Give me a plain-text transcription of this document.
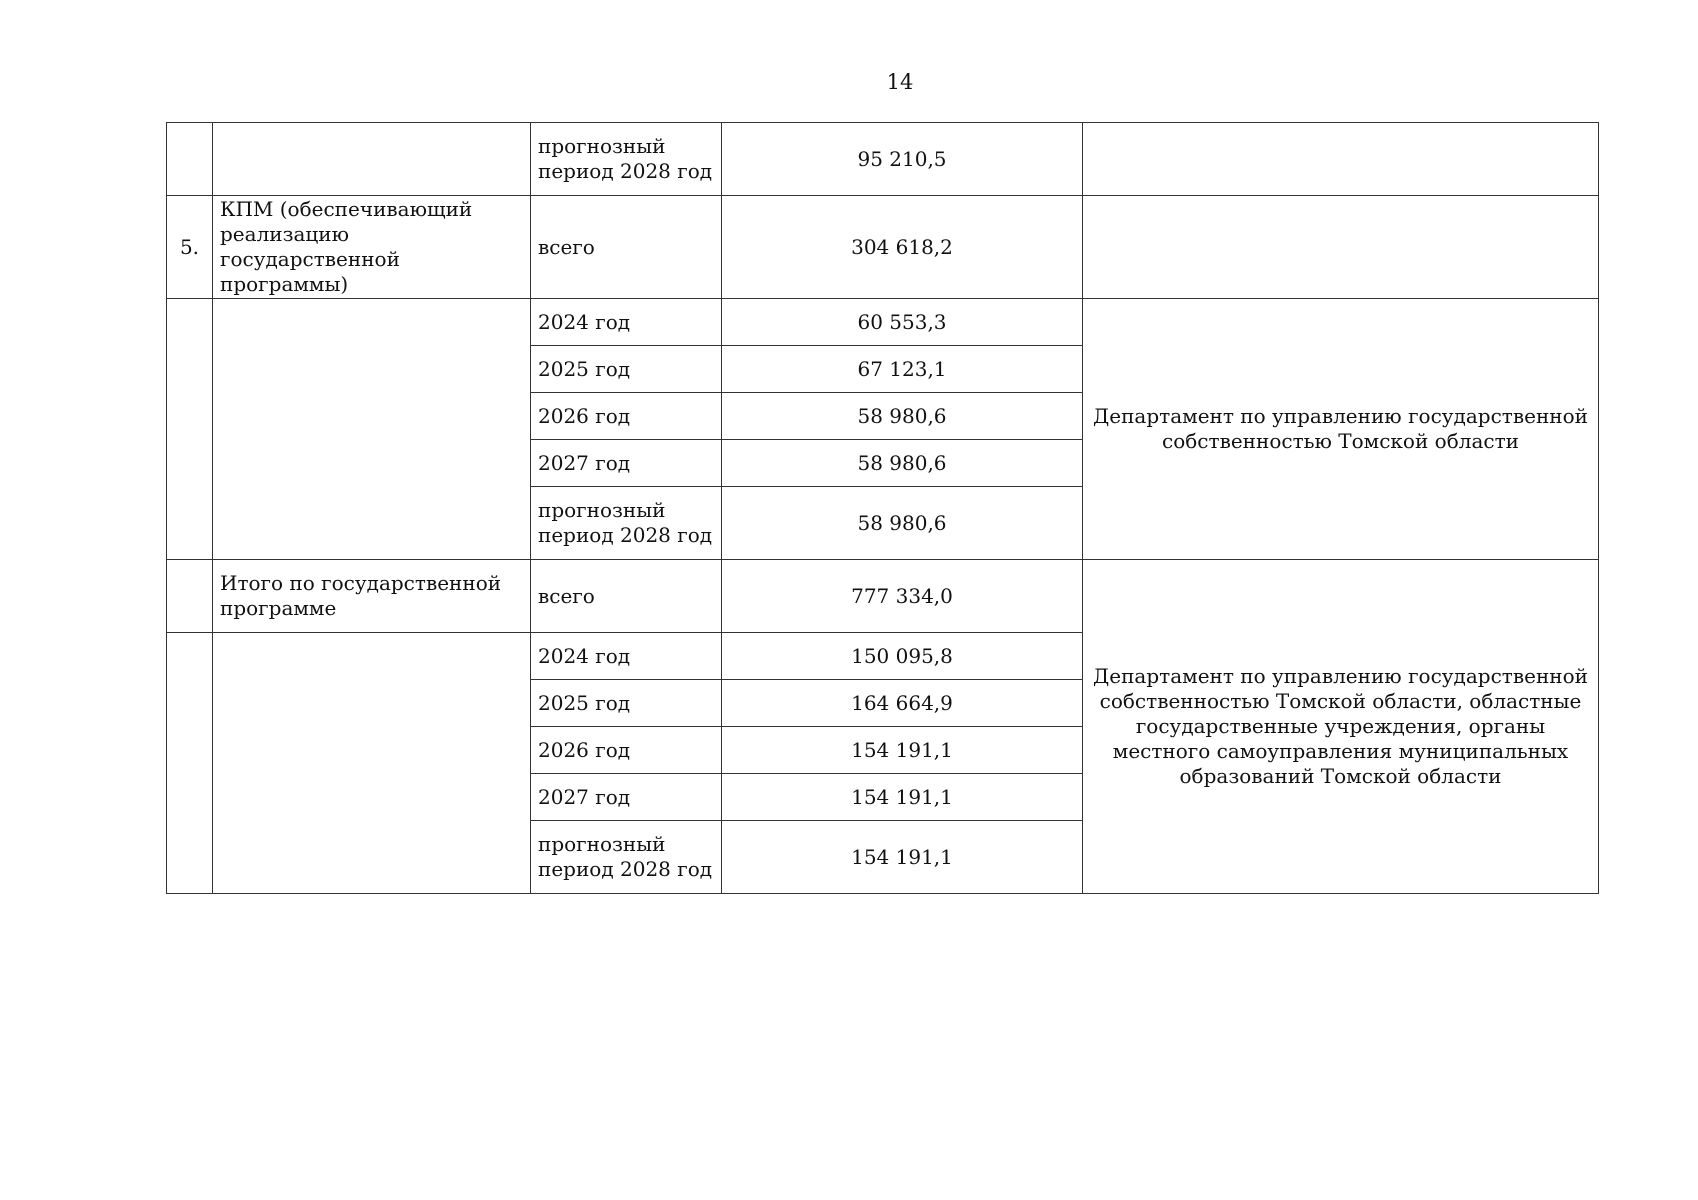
14
		прогнозный период 2028 год	95 210,5	
5.	КПМ (обеспечивающий реализацию государственной программы)	всего	304 618,2	
		2024 год	60 553,3	Департамент по управлению государственной собственностью Томской области
		2025 год	67 123,1	
		2026 год	58 980,6	
		2027 год	58 980,6	
		прогнозный период 2028 год	58 980,6	
	Итого по государственной программе	всего	777 334,0	Департамент по управлению государственной собственностью Томской области, областные государственные учреждения, органы местного самоуправления муниципальных образований Томской области
		2024 год	150 095,8	
		2025 год	164 664,9	
		2026 год	154 191,1	
		2027 год	154 191,1	
		прогнозный период 2028 год	154 191,1	
